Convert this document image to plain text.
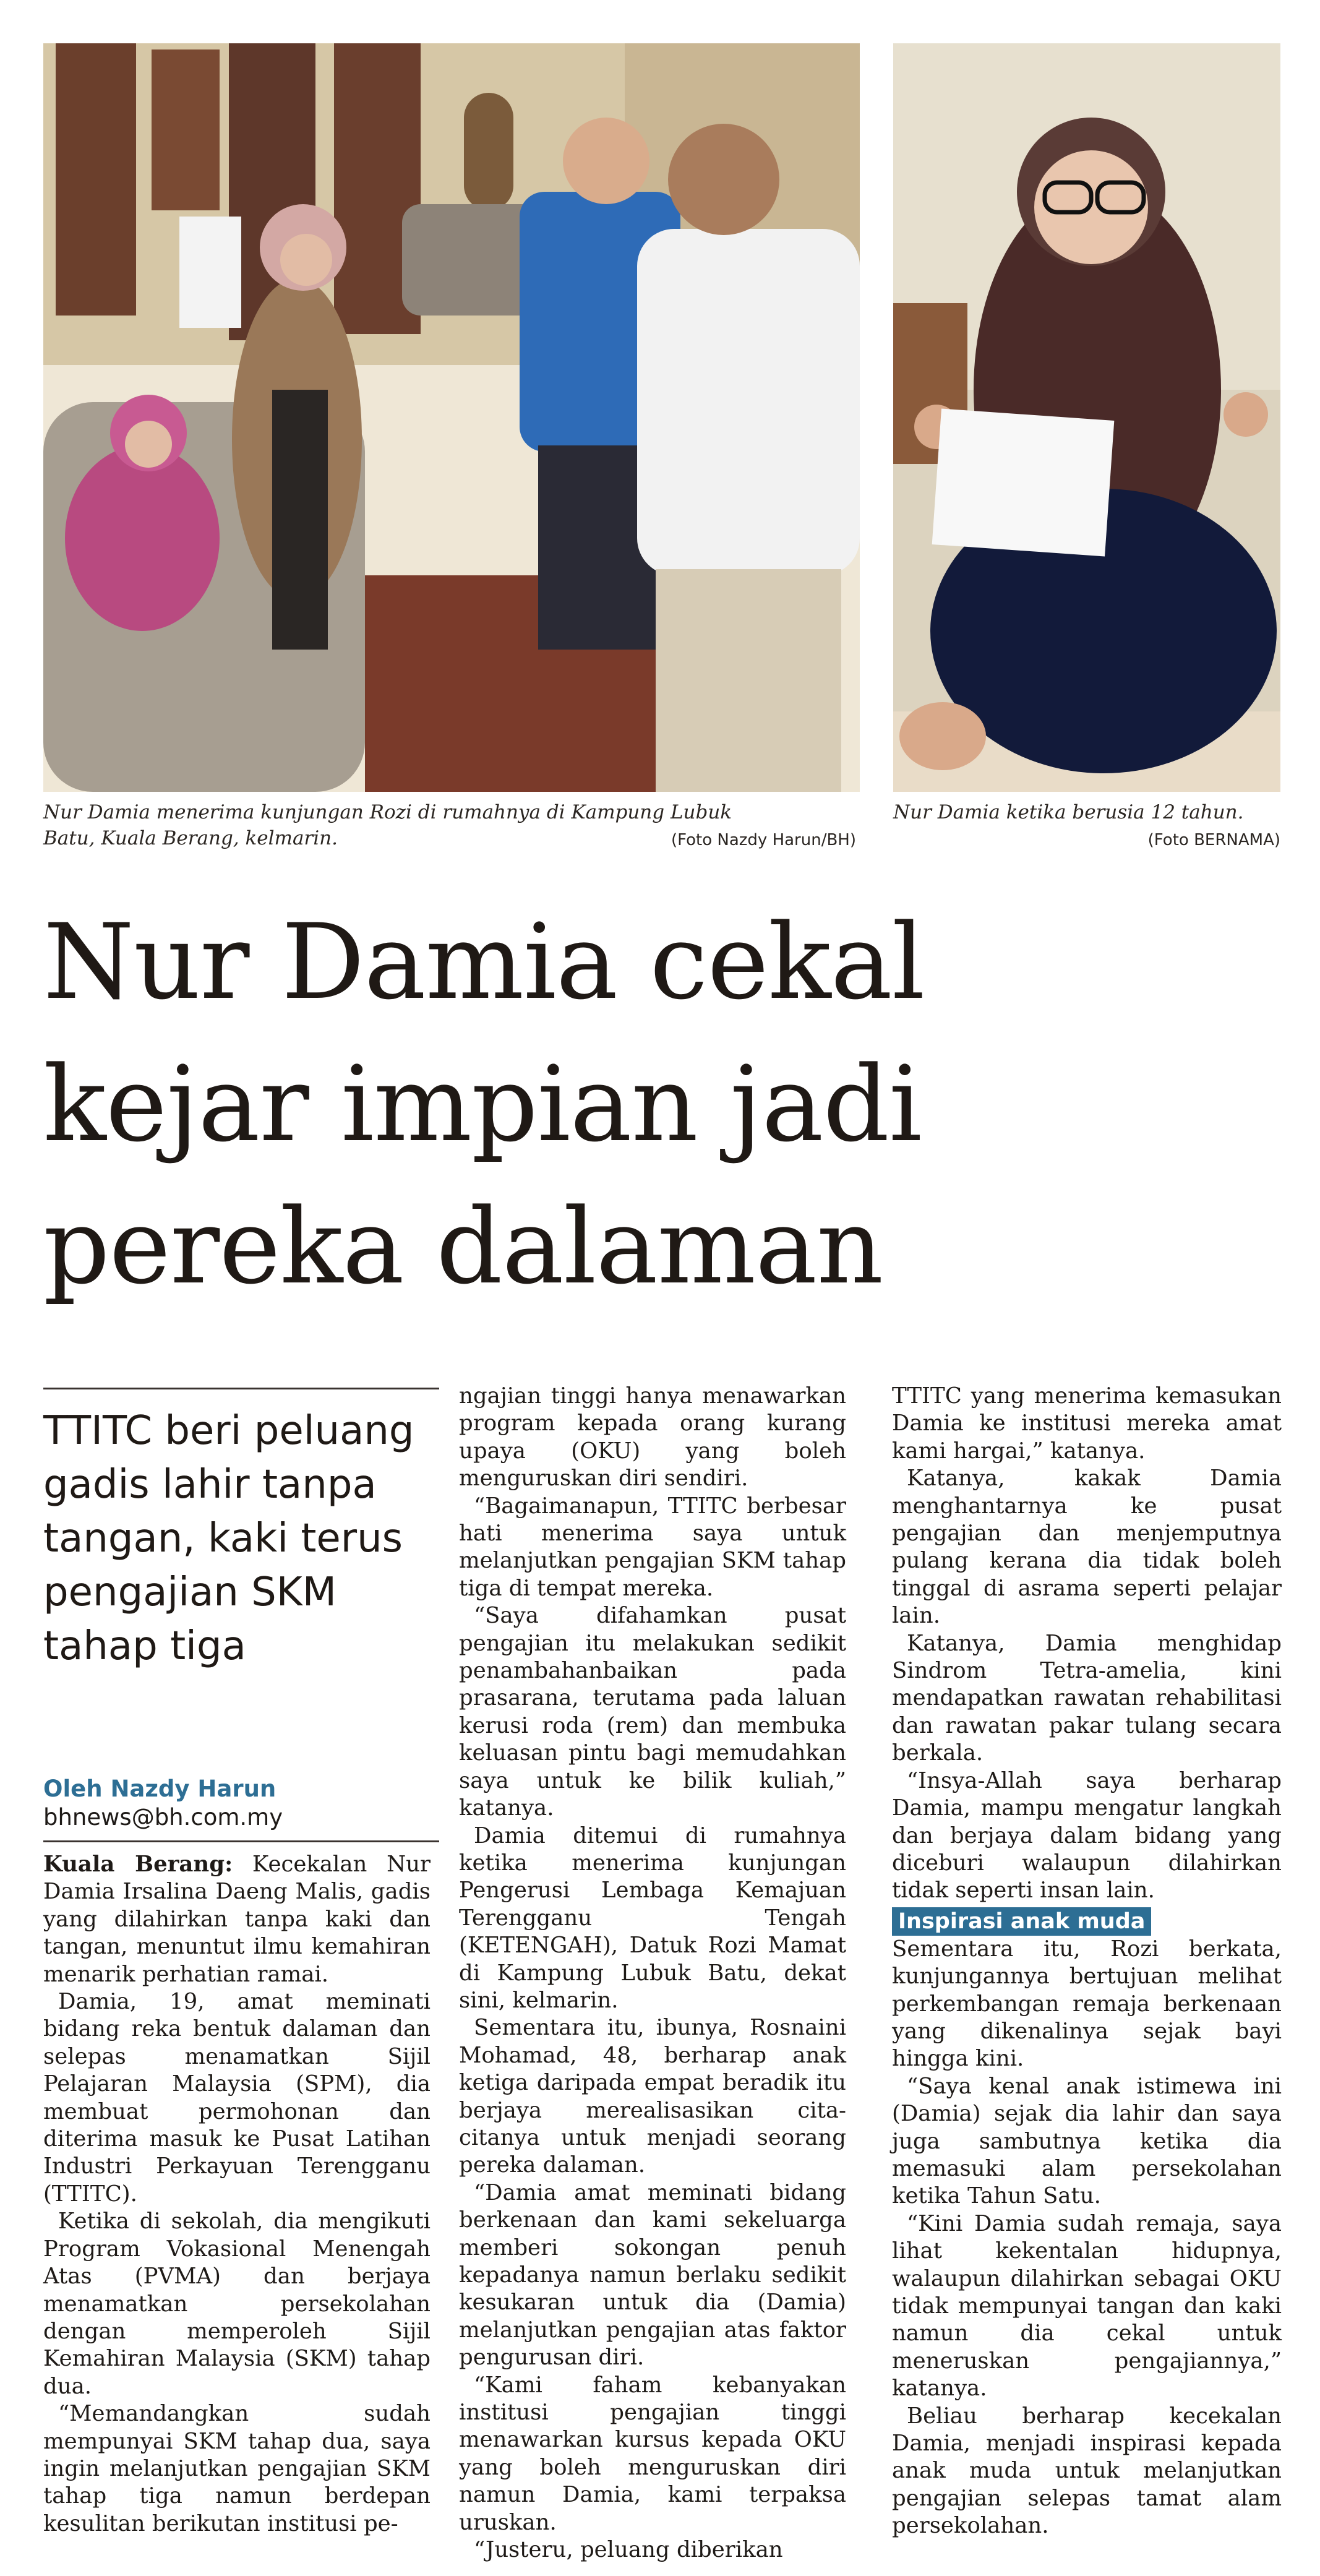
Nur Damia menerima kunjungan Rozi di rumahnya di Kampung Lubuk
Batu, Kuala Berang, kelmarin.	(Foto Nazdy Harun/BH)
Nur Damia ketika berusia 12 tahun.
(Foto BERNAMA)
Nur Damia cekal
kejar impian jadi
pereka dalaman
TTITC beri peluang gadis lahir tanpa tangan, kaki terus pengajian SKM tahap tiga
Oleh Nazdy Harun
bhnews@bh.com.my

Kuala Berang: Kecekalan Nur Damia Irsalina Daeng Malis, gadis yang dilahirkan tanpa kaki dan tangan, menuntut ilmu kemahiran menarik perhatian ramai.

Damia, 19, amat meminati bidang reka bentuk dalaman dan selepas menamatkan Sijil Pelajaran Malaysia (SPM), dia membuat permohonan dan diterima masuk ke Pusat Latihan Industri Perkayuan Terengganu (TTITC).

Ketika di sekolah, dia mengikuti Program Vokasional Menengah Atas (PVMA) dan berjaya menamatkan persekolahan dengan memperoleh Sijil Kemahiran Malaysia (SKM) tahap dua.

“Memandangkan sudah mempunyai SKM tahap dua, saya ingin melanjutkan pengajian SKM tahap tiga namun berdepan kesulitan berikutan institusi pe-

ngajian tinggi hanya menawarkan program kepada orang kurang upaya (OKU) yang boleh menguruskan diri sendiri.

“Bagaimanapun, TTITC berbesar hati menerima saya untuk melanjutkan pengajian SKM tahap tiga di tempat mereka.

“Saya difahamkan pusat pengajian itu melakukan sedikit penambahanbaikan pada prasarana, terutama pada laluan kerusi roda (rem) dan membuka keluasan pintu bagi memudahkan saya untuk ke bilik kuliah,” katanya.

Damia ditemui di rumahnya ketika menerima kunjungan Pengerusi Lembaga Kemajuan Terengganu Tengah (KETENGAH), Datuk Rozi Mamat di Kampung Lubuk Batu, dekat sini, kelmarin.

Sementara itu, ibunya, Rosnaini Mohamad, 48, berharap anak ketiga daripada empat beradik itu berjaya merealisasikan cita-citanya untuk menjadi seorang pereka dalaman.

“Damia amat meminati bidang berkenaan dan kami sekeluarga memberi sokongan penuh kepadanya namun berlaku sedikit kesukaran untuk dia (Damia) melanjutkan pengajian atas faktor pengurusan diri.

“Kami faham kebanyakan institusi pengajian tinggi menawarkan kursus kepada OKU yang boleh menguruskan diri namun Damia, kami terpaksa uruskan.

“Justeru, peluang diberikan

TTITC yang menerima kemasukan Damia ke institusi mereka amat kami hargai,” katanya.

Katanya, kakak Damia menghantarnya ke pusat pengajian dan menjemputnya pulang kerana dia tidak boleh tinggal di asrama seperti pelajar lain.

Katanya, Damia menghidap Sindrom Tetra-amelia, kini mendapatkan rawatan rehabilitasi dan rawatan pakar tulang secara berkala.

“Insya-Allah saya berharap Damia, mampu mengatur langkah dan berjaya dalam bidang yang diceburi walaupun dilahirkan tidak seperti insan lain.

Inspirasi anak muda

Sementara itu, Rozi berkata, kunjungannya bertujuan melihat perkembangan remaja berkenaan yang dikenalinya sejak bayi hingga kini.

“Saya kenal anak istimewa ini (Damia) sejak dia lahir dan saya juga sambutnya ketika dia memasuki alam persekolahan ketika Tahun Satu.

“Kini Damia sudah remaja, saya lihat kekentalan hidupnya, walaupun dilahirkan sebagai OKU tidak mempunyai tangan dan kaki namun dia cekal untuk meneruskan pengajiannya,” katanya.

Beliau berharap kecekalan Damia, menjadi inspirasi kepada anak muda untuk melanjutkan pengajian selepas tamat alam persekolahan.
